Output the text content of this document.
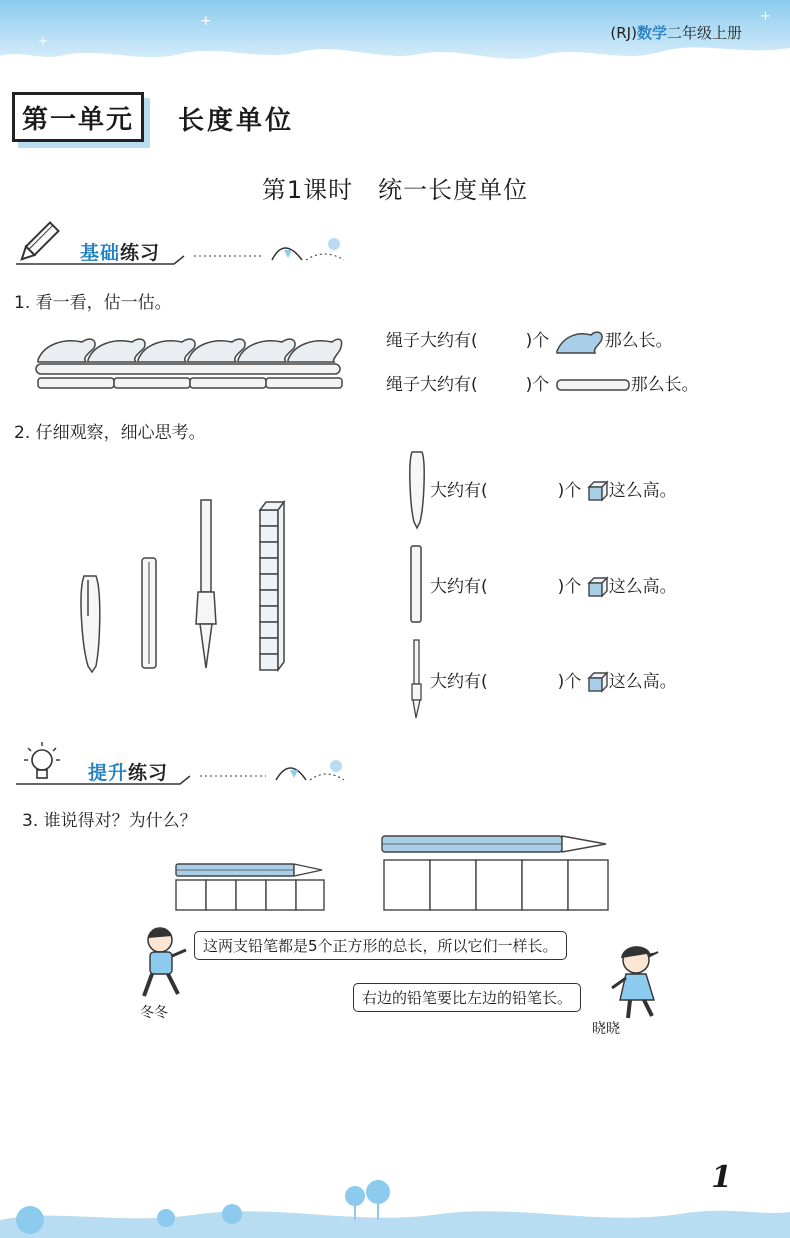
+
+
+
(RJ)数学二年级上册
第一单元	长度单位
第1课时　统一长度单位
基础练习
1. 看一看，估一估。
绳子大约有(	)个	那么长。
绳子大约有(	)个	那么长。
2. 仔细观察，细心思考。
大约有(	)个 这么高。
大约有(	)个 这么高。
大约有(	)个 这么高。
提升练习
3. 谁说得对？为什么？
这两支铅笔都是5个正方形的总长，所以它们一样长。
冬冬
右边的铅笔要比左边的铅笔长。
晓晓
1
